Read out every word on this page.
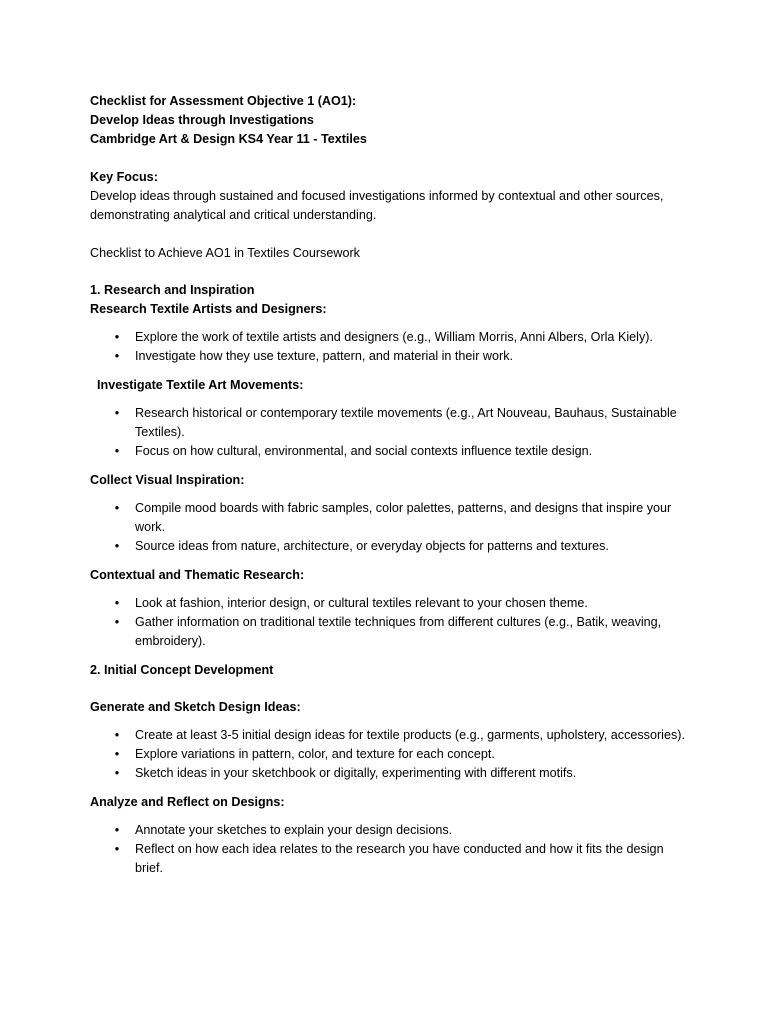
Checklist for Assessment Objective 1 (AO1):
Develop Ideas through Investigations
Cambridge Art & Design KS4 Year 11 - Textiles
Key Focus:
Develop ideas through sustained and focused investigations informed by contextual and other sources, demonstrating analytical and critical understanding.
Checklist to Achieve AO1 in Textiles Coursework
1. Research and Inspiration
Research Textile Artists and Designers:
• Explore the work of textile artists and designers (e.g., William Morris, Anni Albers, Orla Kiely).
• Investigate how they use texture, pattern, and material in their work.
Investigate Textile Art Movements:
• Research historical or contemporary textile movements (e.g., Art Nouveau, Bauhaus, Sustainable Textiles).
• Focus on how cultural, environmental, and social contexts influence textile design.
Collect Visual Inspiration:
• Compile mood boards with fabric samples, color palettes, patterns, and designs that inspire your work.
• Source ideas from nature, architecture, or everyday objects for patterns and textures.
Contextual and Thematic Research:
• Look at fashion, interior design, or cultural textiles relevant to your chosen theme.
• Gather information on traditional textile techniques from different cultures (e.g., Batik, weaving, embroidery).
2. Initial Concept Development
Generate and Sketch Design Ideas:
• Create at least 3-5 initial design ideas for textile products (e.g., garments, upholstery, accessories).
• Explore variations in pattern, color, and texture for each concept.
• Sketch ideas in your sketchbook or digitally, experimenting with different motifs.
Analyze and Reflect on Designs:
• Annotate your sketches to explain your design decisions.
• Reflect on how each idea relates to the research you have conducted and how it fits the design brief.
